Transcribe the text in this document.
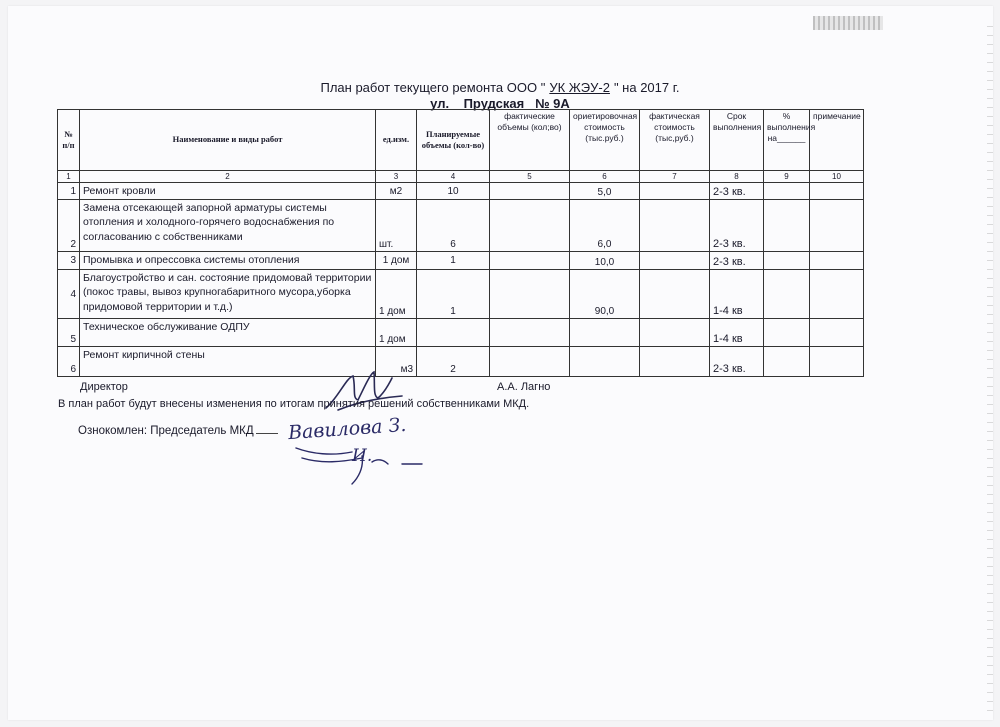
План работ текущего ремонта ООО " УК ЖЭУ-2 " на 2017 г.
ул. Прудская № 9А
№ п/п	Наименование и виды работ	ед.изм.	Планируемые объемы (кол-во)	фактические объемы (кол;во)	ориетировочная стоимость (тыс.руб.)	фактическая стоимость (тыс,руб.)	Срок выполнения	% выполнения на______	примечание
1	2	3	4	5	6	7	8	9	10
1	Ремонт кровли	м2	10		5,0		2-3 кв.		
2	Замена отсекающей запорной арматуры системы отопления и холодного-горячего водоснабжения по согласованию с собственниками	шт.	6		6,0		2-3 кв.		
3	Промывка и опрессовка системы отопления	1 дом	1		10,0		2-3 кв.		
4	Благоустройство и сан. состояние придомовай территории (покос травы, вывоз крупногабаритного мусора,уборка придомовой территории и т.д.)	1 дом	1		90,0		1-4 кв		
5	Техническое обслуживание ОДПУ	1 дом					1-4 кв		
6	Ремонт кирпичной стены	м3	2				2-3 кв.		
Директор	А.А. Лагно
В план работ будут внесены изменения по итогам принятия решений собственниками МКД.
Ознокомлен: Председатель МКД	Вавилова З.
И.
